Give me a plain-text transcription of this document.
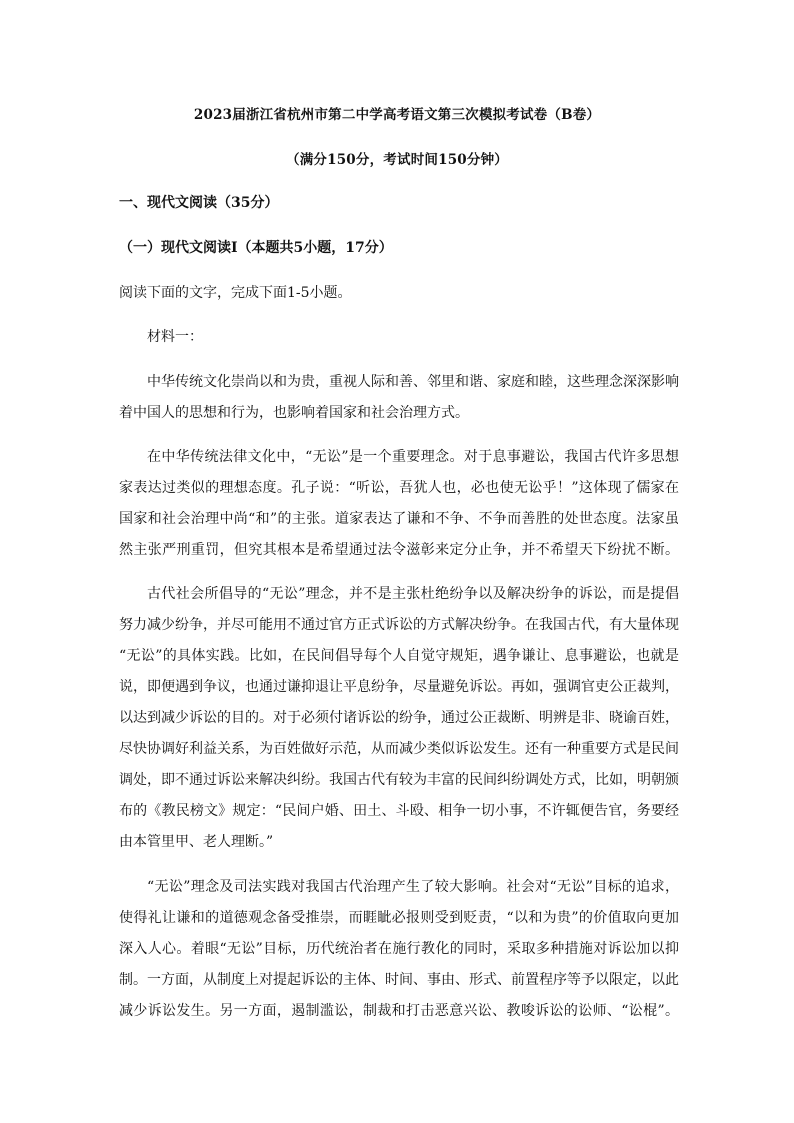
2023届浙江省杭州市第二中学高考语文第三次模拟考试卷（B卷）
（满分150分，考试时间150分钟）
一、现代文阅读（35分）
（一）现代文阅读Ⅰ（本题共5小题，17分）
阅读下面的文字，完成下面1-5小题。
材料一：
中华传统文化崇尚以和为贵，重视人际和善、邻里和谐、家庭和睦，这些理念深深影响
着中国人的思想和行为，也影响着国家和社会治理方式。
在中华传统法律文化中，“无讼”是一个重要理念。对于息事避讼，我国古代许多思想
家表达过类似的理想态度。孔子说：“听讼，吾犹人也，必也使无讼乎！”这体现了儒家在
国家和社会治理中尚“和”的主张。道家表达了谦和不争、不争而善胜的处世态度。法家虽
然主张严刑重罚，但究其根本是希望通过法令滋彰来定分止争，并不希望天下纷扰不断。
古代社会所倡导的“无讼”理念，并不是主张杜绝纷争以及解决纷争的诉讼，而是提倡
努力减少纷争，并尽可能用不通过官方正式诉讼的方式解决纷争。在我国古代，有大量体现
“无讼”的具体实践。比如，在民间倡导每个人自觉守规矩，遇争谦让、息事避讼，也就是
说，即便遇到争议，也通过谦抑退让平息纷争，尽量避免诉讼。再如，强调官吏公正裁判，
以达到减少诉讼的目的。对于必须付诸诉讼的纷争，通过公正裁断、明辨是非、晓谕百姓，
尽快协调好利益关系，为百姓做好示范，从而减少类似诉讼发生。还有一种重要方式是民间
调处，即不通过诉讼来解决纠纷。我国古代有较为丰富的民间纠纷调处方式，比如，明朝颁
布的《教民榜文》规定：“民间户婚、田土、斗殴、相争一切小事，不许辄便告官，务要经
由本管里甲、老人理断。”
“无讼”理念及司法实践对我国古代治理产生了较大影响。社会对“无讼”目标的追求，
使得礼让谦和的道德观念备受推崇，而睚眦必报则受到贬责，“以和为贵”的价值取向更加
深入人心。着眼“无讼”目标，历代统治者在施行教化的同时，采取多种措施对诉讼加以抑
制。一方面，从制度上对提起诉讼的主体、时间、事由、形式、前置程序等予以限定，以此
减少诉讼发生。另一方面，遏制滥讼，制裁和打击恶意兴讼、教唆诉讼的讼师、“讼棍”。
